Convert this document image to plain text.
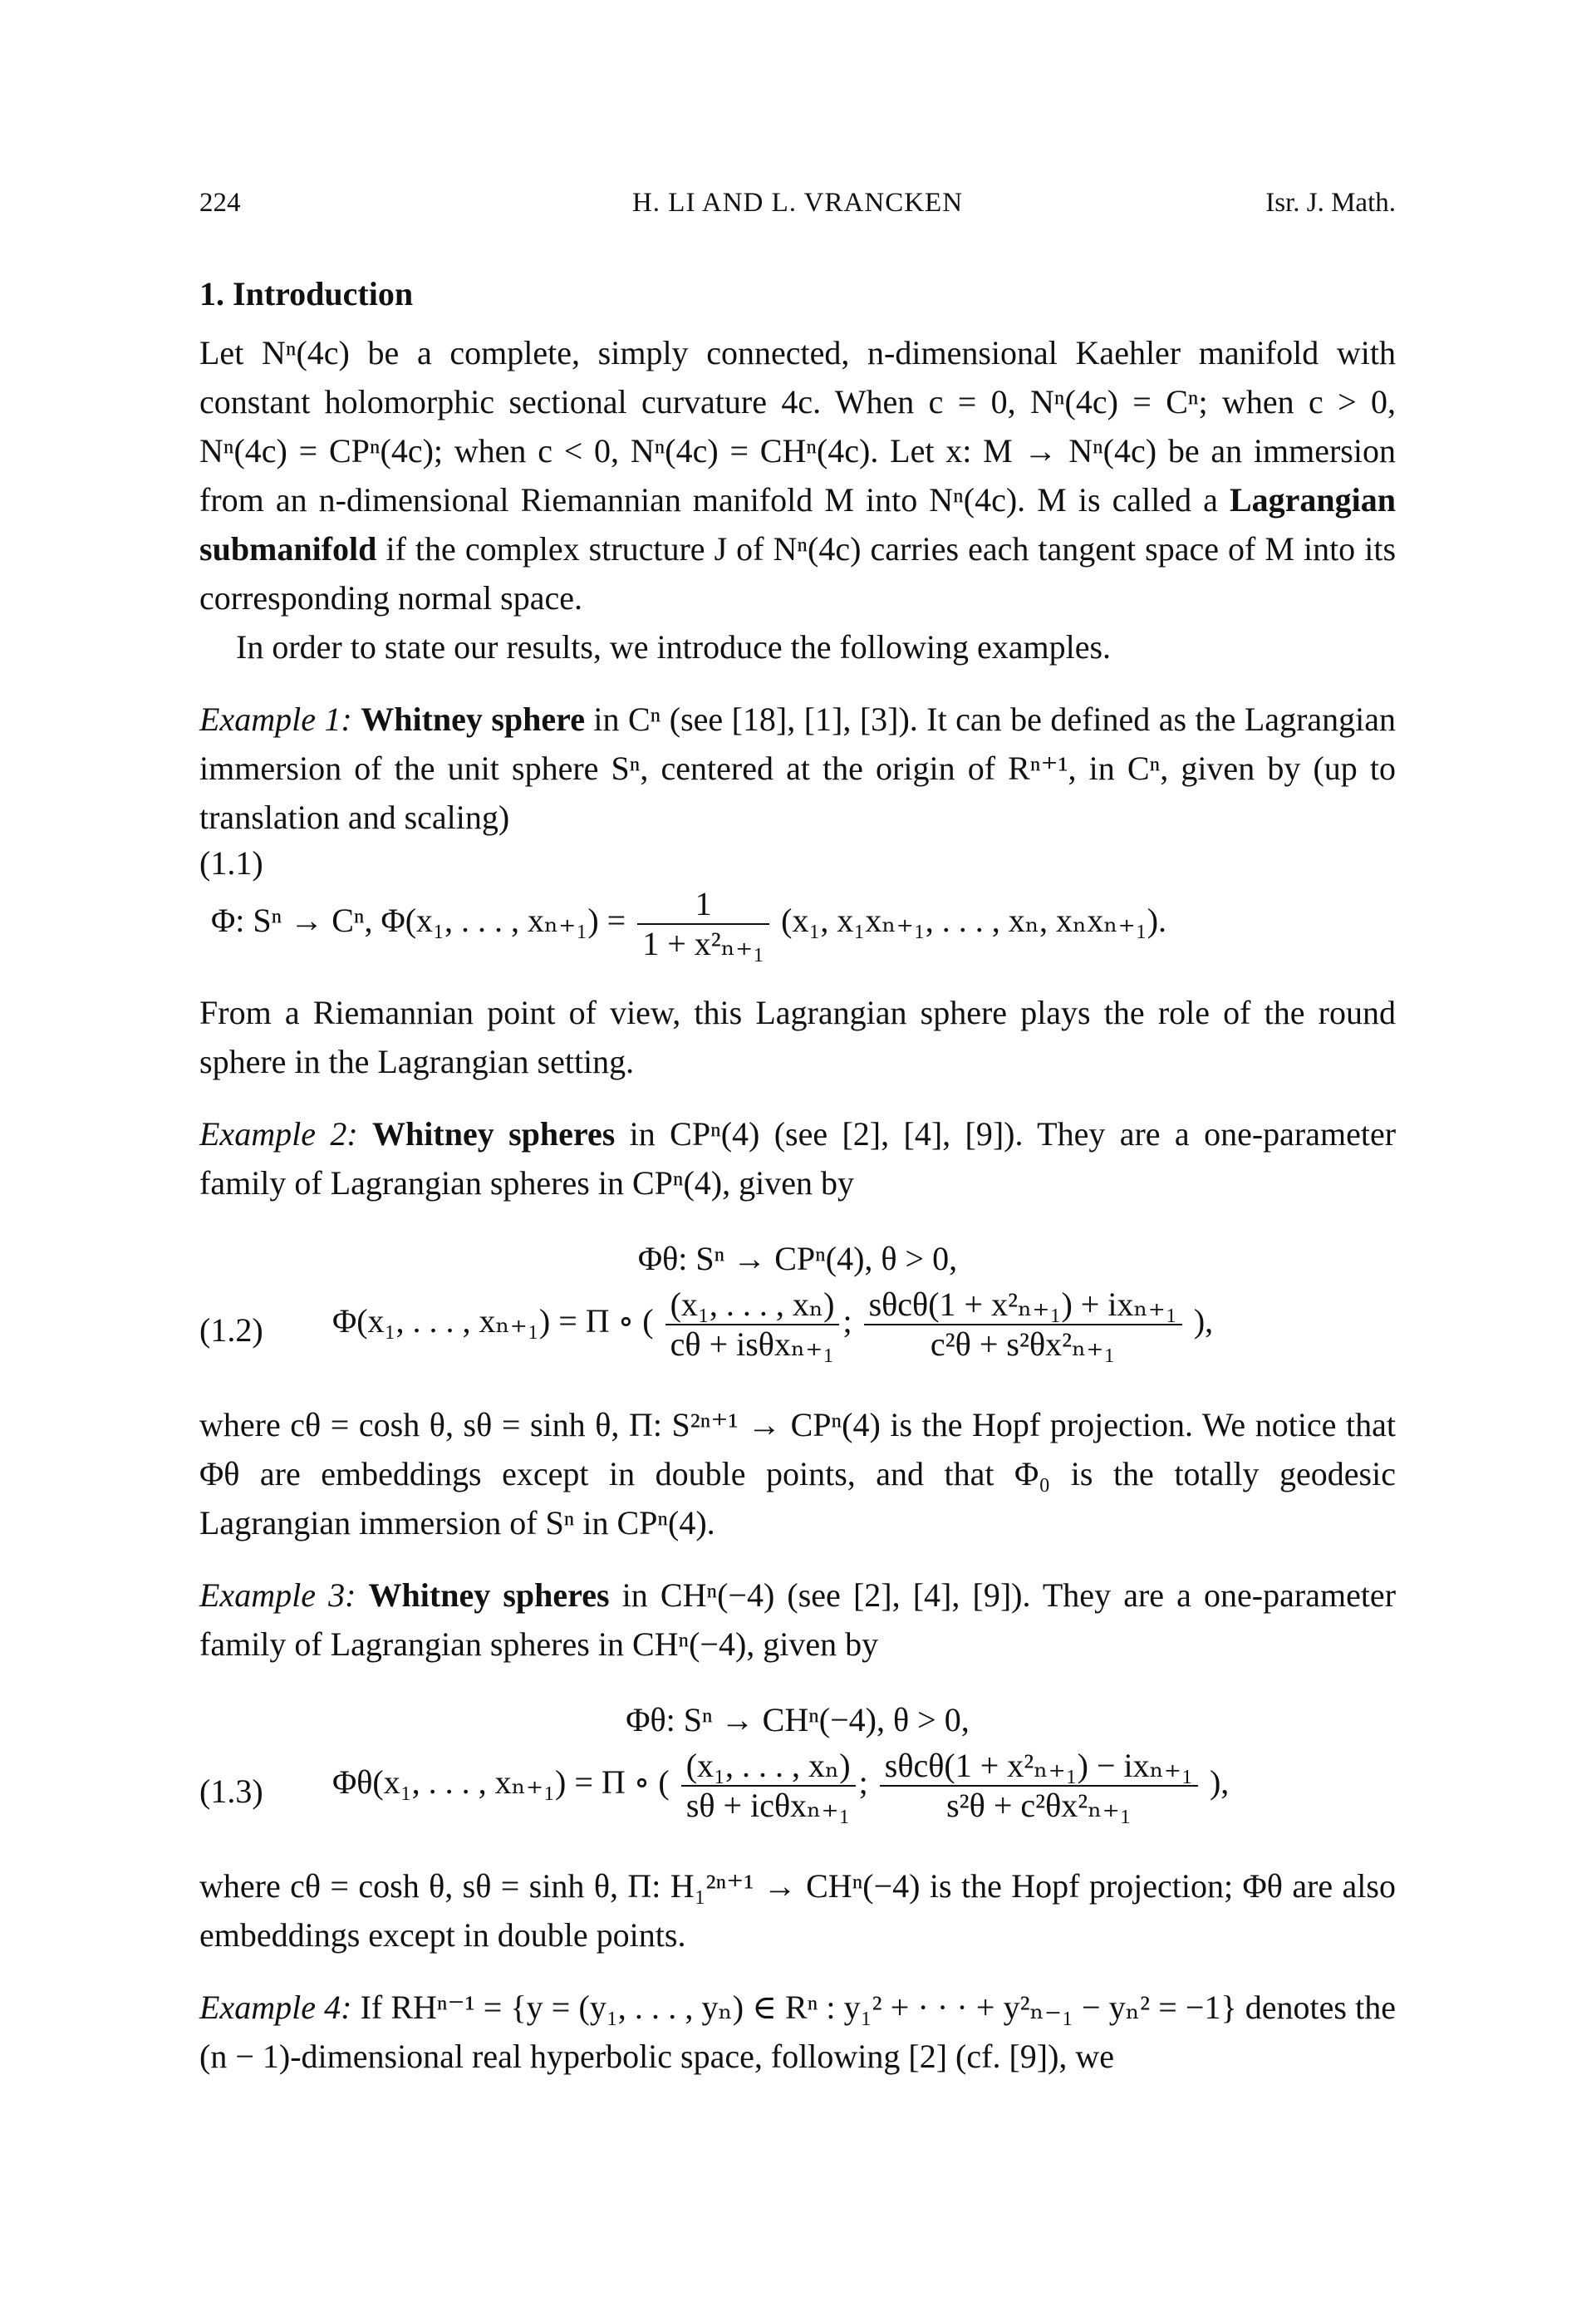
224	H. LI AND L. VRANCKEN	Isr. J. Math.
1. Introduction

Let Nⁿ(4c) be a complete, simply connected, n-dimensional Kaehler manifold with constant holomorphic sectional curvature 4c. When c = 0, Nⁿ(4c) = Cⁿ; when c > 0, Nⁿ(4c) = CPⁿ(4c); when c < 0, Nⁿ(4c) = CHⁿ(4c). Let x: M → Nⁿ(4c) be an immersion from an n-dimensional Riemannian manifold M into Nⁿ(4c). M is called a Lagrangian submanifold if the complex structure J of Nⁿ(4c) carries each tangent space of M into its corresponding normal space.

In order to state our results, we introduce the following examples.

Example 1: Whitney sphere in Cⁿ (see [18], [1], [3]). It can be defined as the Lagrangian immersion of the unit sphere Sⁿ, centered at the origin of Rⁿ⁺¹, in Cⁿ, given by (up to translation and scaling)

(1.1)
Φ: Sⁿ → Cⁿ, Φ(x₁, . . . , $x_{n+1}) = \frac{1}{\text{1 + x²ₙ₊₁}} (x_1$, x₁xₙ₊₁, . . . , xₙ, xₙxₙ₊₁).

From a Riemannian point of view, this Lagrangian sphere plays the role of the round sphere in the Lagrangian setting.

Example 2: Whitney spheres in CPⁿ(4) (see [2], [4], [9]). They are a one-parameter family of Lagrangian spheres in CPⁿ(4), given by

Φθ: Sⁿ → CPⁿ(4), θ > 0,
(1.2) Φ(x₁, . . . , xₙ₊₁) = Π ∘ ( $\frac{\text{(x₁, . . . , xₙ)}}{\text{cθ + isθxₙ₊₁}}$ ; $\frac{\text{sθcθ(1 + x²ₙ₊₁) + ixₙ₊₁}}{\text{c²θ + s²θx²ₙ₊₁}}$ ),

where cθ = cosh θ, sθ = sinh θ, Π: S²ⁿ⁺¹ → CPⁿ(4) is the Hopf projection. We notice that Φθ are embeddings except in double points, and that Φ₀ is the totally geodesic Lagrangian immersion of Sⁿ in CPⁿ(4).

Example 3: Whitney spheres in CHⁿ(−4) (see [2], [4], [9]). They are a one-parameter family of Lagrangian spheres in CHⁿ(−4), given by

Φθ: Sⁿ → CHⁿ(−4), θ > 0,
(1.3) Φθ(x₁, . . . , xₙ₊₁) = Π ∘ ( $\frac{\text{(x₁, . . . , xₙ)}}{\text{sθ + icθxₙ₊₁}}$ ; $\frac{\text{sθcθ(1 + x²ₙ₊₁) − ixₙ₊₁}}{\text{s²θ + c²θx²ₙ₊₁}}$ ),

where cθ = cosh θ, sθ = sinh θ, Π: H₁²ⁿ⁺¹ → CHⁿ(−4) is the Hopf projection; Φθ are also embeddings except in double points.

Example 4: If RHⁿ⁻¹ = {y = (y₁, . . . , yₙ) ∈ Rⁿ : y₁² + · · · + y²ₙ₋₁ − yₙ² = −1} denotes the (n − 1)-dimensional real hyperbolic space, following [2] (cf. [9]), we
